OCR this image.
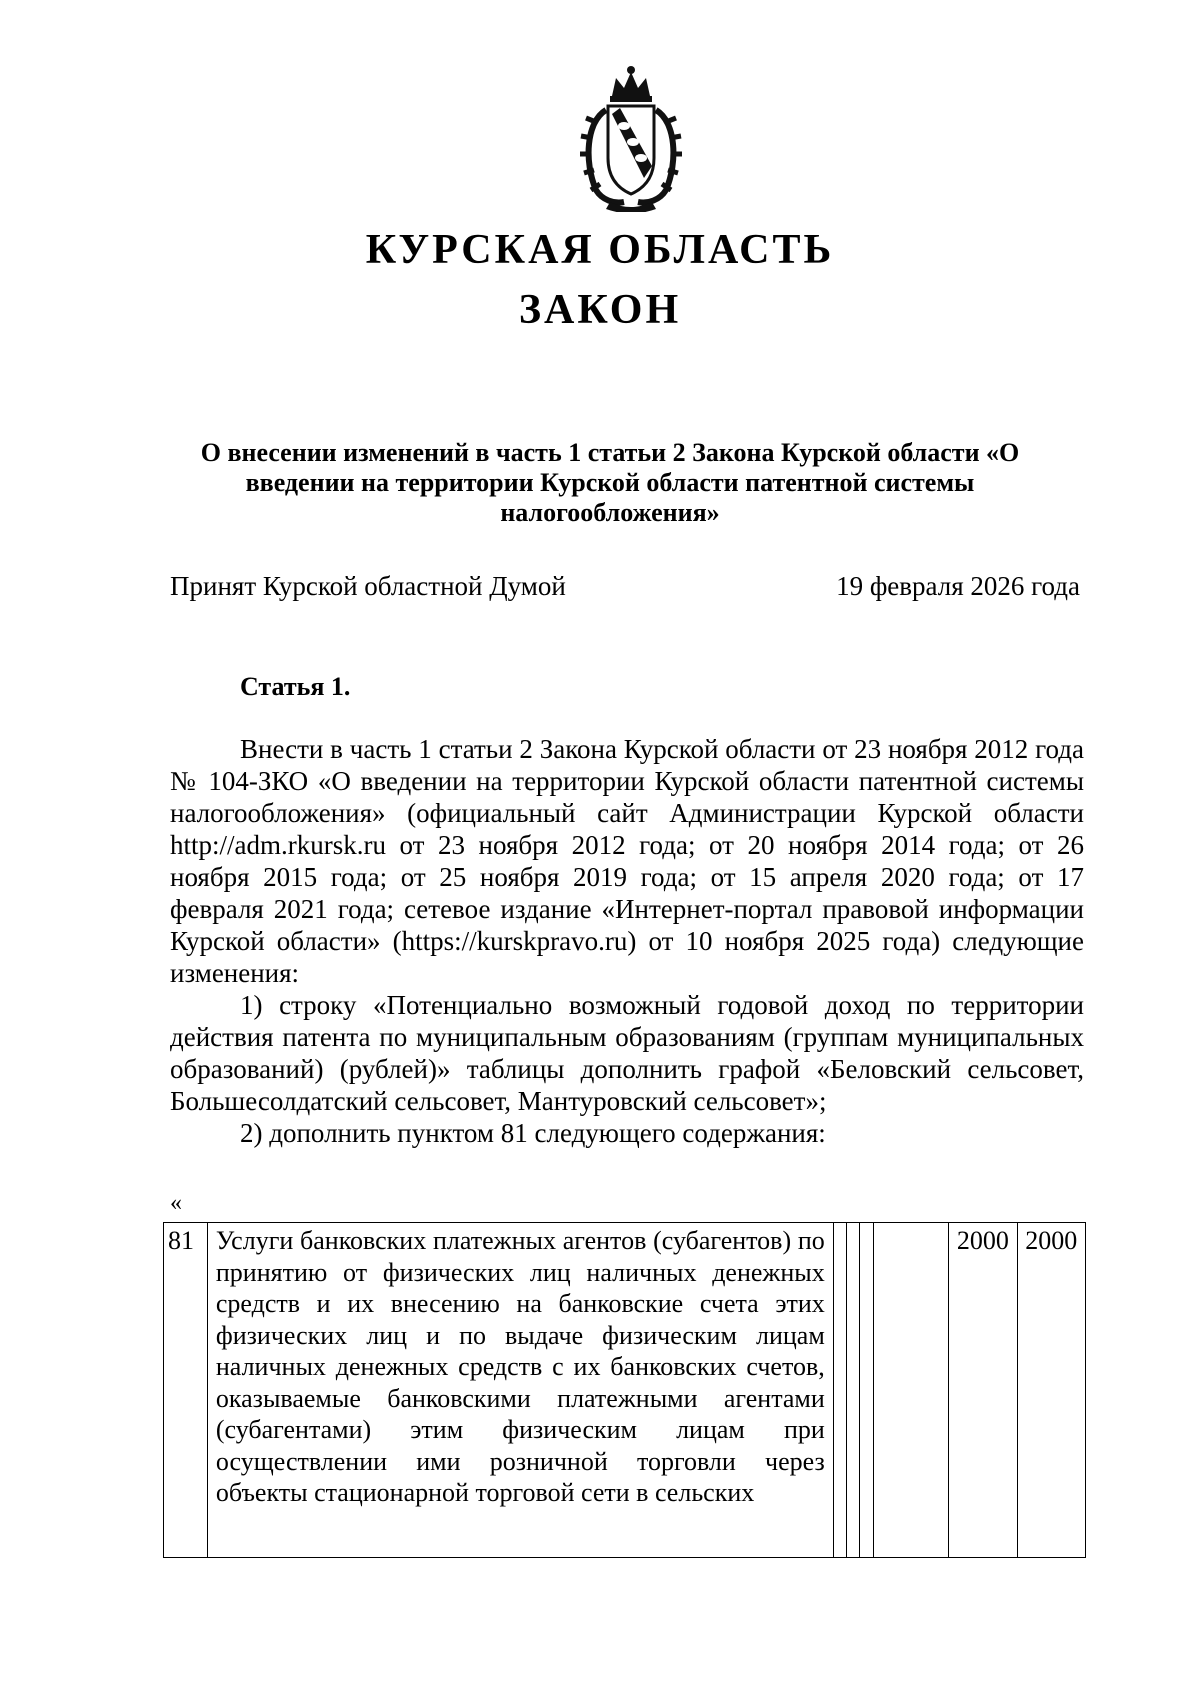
КУРСКАЯ ОБЛАСТЬ
ЗАКОН
О внесении изменений в часть 1 статьи 2 Закона Курской области «О введении на территории Курской области патентной системы налогообложения»
Принят Курской областной Думой	19 февраля 2026 года
Статья 1.

Внести в часть 1 статьи 2 Закона Курской области от 23 ноября 2012 года № 104-ЗКО «О введении на территории Курской области патентной системы налогообложения» (официальный сайт Администрации Курской области http://adm.rkursk.ru от 23 ноября 2012 года; от 20 ноября 2014 года; от 26 ноября 2015 года; от 25 ноября 2019 года; от 15 апреля 2020 года; от 17 февраля 2021 года; сетевое издание «Интернет-портал правовой информации Курской области» (https://kurskpravo.ru) от 10 ноября 2025 года) следующие изменения:

1) строку «Потенциально возможный годовой доход по территории действия патента по муниципальным образованиям (группам муниципальных образований) (рублей)» таблицы дополнить графой «Беловский сельсовет, Большесолдатский сельсовет, Мантуровский сельсовет»;

2) дополнить пунктом 81 следующего содержания:

«
81	Услуги банковских платежных агентов (субагентов) по принятию от физических лиц наличных денежных средств и их внесению на банковские счета этих физических лиц и по выдаче физическим лицам наличных денежных средств с их банковских счетов, оказываемые банковскими платежными агентами (субагентами) этим физическим лицам при осуществлении ими розничной торговли через объекты стационарной торговой сети в сельских					2000	2000
